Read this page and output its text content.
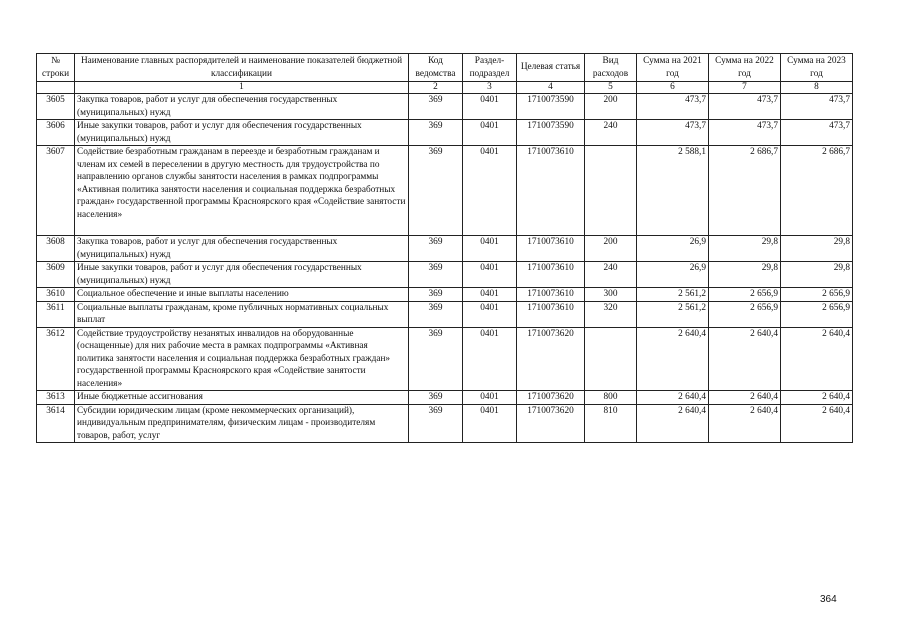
№ строки	Наименование главных распорядителей и наименование показателей бюджетной классификации	Код ведомства	Раздел-подраздел	Целевая статья	Вид расходов	Сумма на 2021 год	Сумма на 2022 год	Сумма на 2023 год
	1	2	3	4	5	6	7	8
3605	Закупка товаров, работ и услуг для обеспечения государственных (муниципальных) нужд	369	0401	1710073590	200	473,7	473,7	473,7
3606	Иные закупки товаров, работ и услуг для обеспечения государственных (муниципальных) нужд	369	0401	1710073590	240	473,7	473,7	473,7
3607	Содействие безработным гражданам в переезде и безработным гражданам и членам их семей в переселении в другую местность для трудоустройства по направлению органов службы занятости населения в рамках подпрограммы «Активная политика занятости населения и социальная поддержка безработных граждан» государственной программы Красноярского края «Содействие занятости населения»	369	0401	1710073610		2 588,1	2 686,7	2 686,7
3608	Закупка товаров, работ и услуг для обеспечения государственных (муниципальных) нужд	369	0401	1710073610	200	26,9	29,8	29,8
3609	Иные закупки товаров, работ и услуг для обеспечения государственных (муниципальных) нужд	369	0401	1710073610	240	26,9	29,8	29,8
3610	Социальное обеспечение и иные выплаты населению	369	0401	1710073610	300	2 561,2	2 656,9	2 656,9
3611	Социальные выплаты гражданам, кроме публичных нормативных социальных выплат	369	0401	1710073610	320	2 561,2	2 656,9	2 656,9
3612	Содействие трудоустройству незанятых инвалидов на оборудованные (оснащенные) для них рабочие места в рамках подпрограммы «Активная политика занятости населения и социальная поддержка безработных граждан» государственной программы Красноярского края «Содействие занятости населения»	369	0401	1710073620		2 640,4	2 640,4	2 640,4
3613	Иные бюджетные ассигнования	369	0401	1710073620	800	2 640,4	2 640,4	2 640,4
3614	Субсидии юридическим лицам (кроме некоммерческих организаций), индивидуальным предпринимателям, физическим лицам - производителям товаров, работ, услуг	369	0401	1710073620	810	2 640,4	2 640,4	2 640,4
364
